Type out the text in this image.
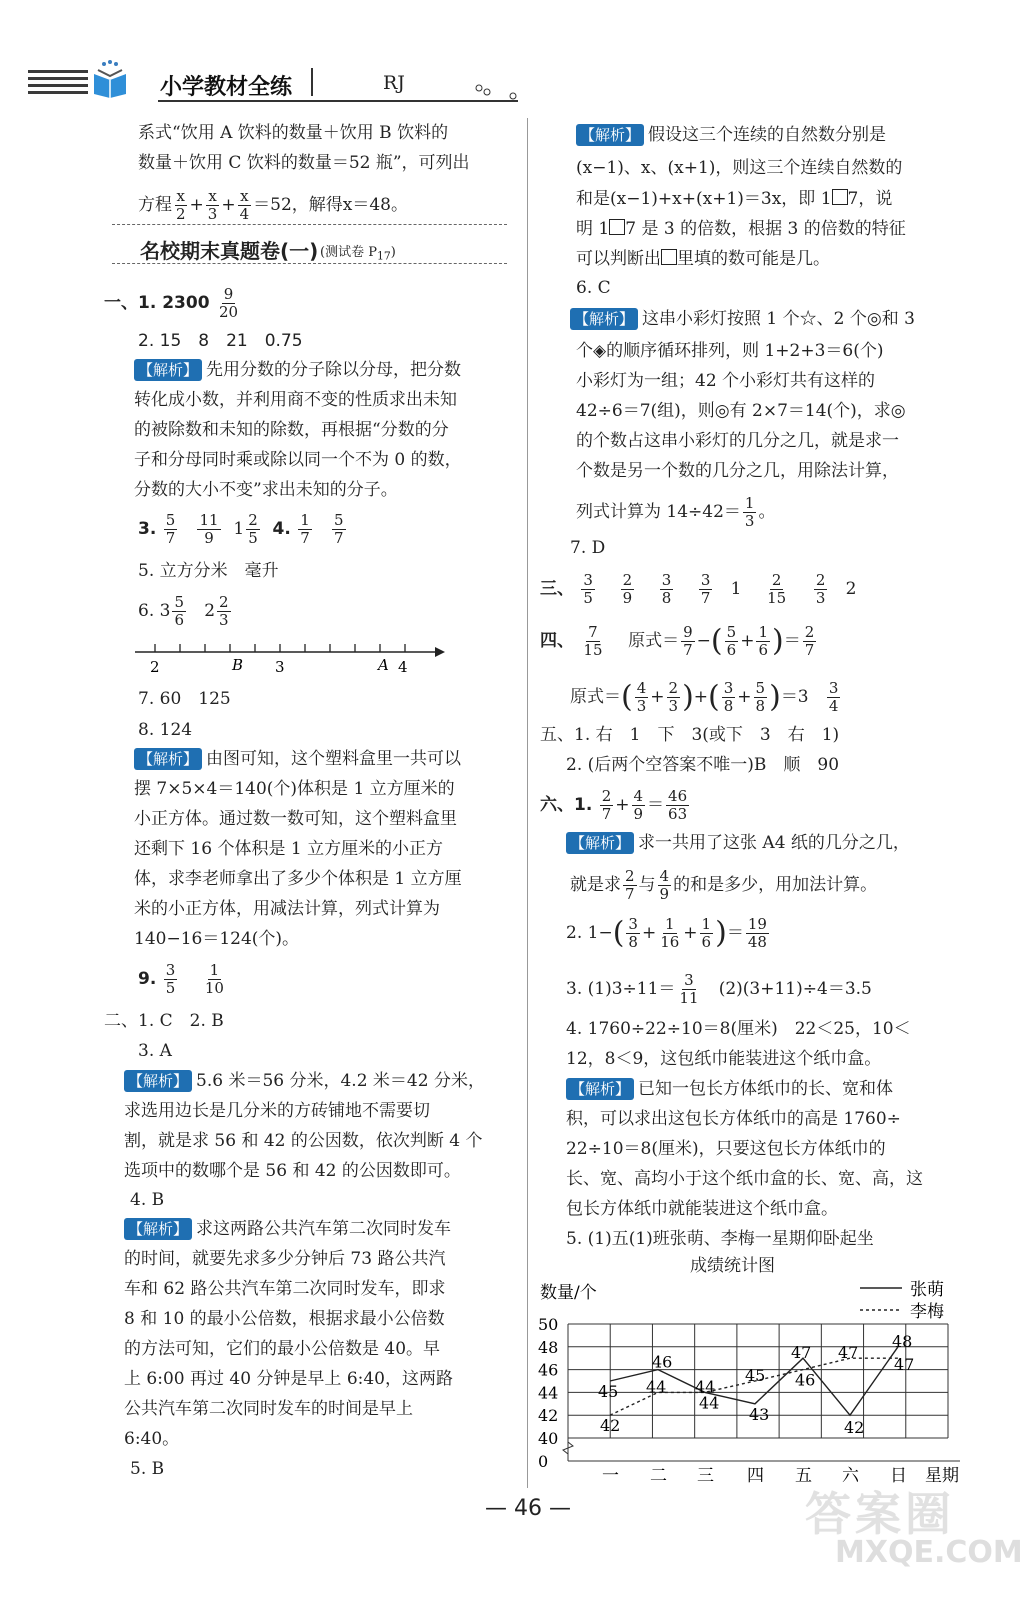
小学教材全练	RJ
系式“饮用 A 饮料的数量＋饮用 B 饮料的
数量＋饮用 C 饮料的数量＝52 瓶”，可列出
方程 $\frac{x}{2} + \frac{x}{3} + \frac{x}{4} =52$，解得x＝48。
名校期末真题卷(一) (测试卷 $P_{17}$)
一、1. $2300 \frac{9}{20}$
2. 15　8　21　0.75
【解析】 先用分数的分子除以分母，把分数
转化成小数，并利用商不变的性质求出未知
的被除数和未知的除数，再根据“分数的分
子和分母同时乘或除以同一个不为 0 的数，
分数的大小不变”求出未知的分子。
3. $\frac{5}{7}$
$\frac{11}{9} 1 \frac{2}{5} 4$. $\frac{1}{7}$
$\frac{5}{7}$
5. 立方分米　毫升
6. $3 \frac{5}{6} 2 \frac{2}{3}$
2	B 3	A 4
7. 60　125
8. 124
【解析】 由图可知，这个塑料盒里一共可以
摆 7×5×4＝140(个)体积是 1 立方厘米的
小正方体。通过数一数可知，这个塑料盒里
还剩下 16 个体积是 1 立方厘米的小正方
体，求李老师拿出了多少个体积是 1 立方厘
米的小正方体，用减法计算，列式计算为
140−16＝124(个)。
9. $\frac{3}{5}$
$\frac{1}{10}$
二、1. C　2. B
3. A
【解析】 5.6 米＝56 分米，4.2 米＝42 分米，
求选用边长是几分米的方砖铺地不需要切
割，就是求 56 和 42 的公因数，依次判断 4 个
选项中的数哪个是 56 和 42 的公因数即可。
4. B
【解析】 求这两路公共汽车第二次同时发车
的时间，就要先求多少分钟后 73 路公共汽
车和 62 路公共汽车第二次同时发车，即求
8 和 10 的最小公倍数，根据求最小公倍数
的方法可知，它们的最小公倍数是 40。早
上 6:00 再过 40 分钟是早上 6:40，这两路
公共汽车第二次同时发车的时间是早上
6:40。
5. B
【解析】 假设这三个连续的自然数分别是
(x−1)、x、(x+1)，则这三个连续自然数的
和是(x−1)+x+(x+1)＝3x，即 1 7，说
明 1 7 是 3 的倍数，根据 3 的倍数的特征
可以判断出 里填的数可能是几。
6. C
【解析】 这串小彩灯按照 1 个☆、2 个◎和 3
个◈的顺序循环排列，则 1+2+3＝6(个)
小彩灯为一组；42 个小彩灯共有这样的
42÷6＝7(组)，则◎有 2×7＝14(个)，求◎
的个数占这串小彩灯的几分之几，就是求一
个数是另一个数的几分之几，用除法计算，
列式计算为 $14\div 42= \frac{1}{3}$ 。
7. D
三、 $\frac{3}{5}$
$\frac{2}{9}$
$\frac{3}{8}$
$\frac{3}{7} 1 \frac{2}{15}$
$\frac{2}{3} 2$
四、 $\frac{7}{15}$ 原式＝ $\frac{9}{7}$ −( $\frac{5}{6} + \frac{1}{6}$ )＝ $\frac{2}{7}$
原式＝( $\frac{4}{3} + \frac{2}{3}$ )+( $\frac{3}{8} + \frac{5}{8} )=3 \frac{3}{4}$
五、1. 右　1　下　3(或下　3　右　1)
2. (后两个空答案不唯一)B　顺　90
六、1. $\frac{2}{7} + \frac{4}{9} = \frac{46}{63}$
【解析】 求一共用了这张 A4 纸的几分之几，
就是求 $\frac{2}{7}$ 与 $\frac{4}{9}$ 的和是多少，用加法计算。
2. $1-( \frac{3}{8} + \frac{1}{16} + \frac{1}{6}$ )＝ $\frac{19}{48}$
3. $(1)3\div 11= \frac{3}{11} (2)(3+11)\div 4=3.5$
4. 1760÷22÷10＝8(厘米)　22＜25，10＜
12，8＜9，这包纸巾能装进这个纸巾盒。
【解析】 已知一包长方体纸巾的长、宽和体
积，可以求出这包长方体纸巾的高是 1760÷
22÷10＝8(厘米)，只要这包长方体纸巾的
长、宽、高均小于这个纸巾盒的长、宽、高，这
包长方体纸巾就能装进这个纸巾盒。
5. (1)五(1)班张萌、李梅一星期仰卧起坐
成绩统计图
数量/个	张萌
李梅
0
40
42
44
46
48
50
一 二 三 四 五 六 日 星期
45
46
44
43
47
42
48
42
44 44
45 46
47
47
— 46 —	答案圈
MXQE.COM
